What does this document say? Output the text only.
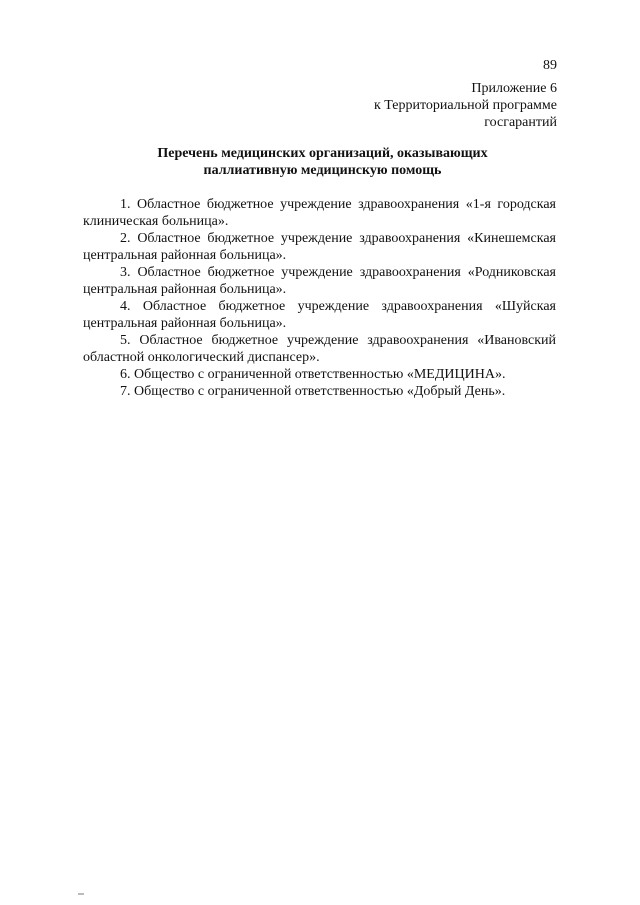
89
Приложение 6
к Территориальной программе
госгарантий
Перечень медицинских организаций, оказывающих
паллиативную медицинскую помощь

1. Областное бюджетное учреждение здравоохранения «1-я городская клиническая больница».

2. Областное бюджетное учреждение здравоохранения «Кинешемская центральная районная больница».

3. Областное бюджетное учреждение здравоохранения «Родниковская центральная районная больница».

4. Областное бюджетное учреждение здравоохранения «Шуйская центральная районная больница».

5. Областное бюджетное учреждение здравоохранения «Ивановский областной онкологический диспансер».

6. Общество с ограниченной ответственностью «МЕДИЦИНА».

7. Общество с ограниченной ответственностью «Добрый День».
